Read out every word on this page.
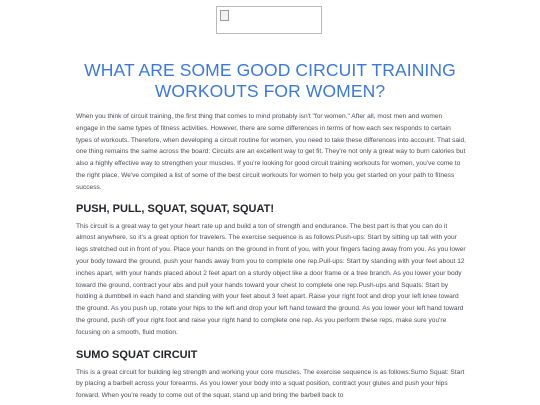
WHAT ARE SOME GOOD CIRCUIT TRAINING WORKOUTS FOR WOMEN?

When you think of circuit training, the first thing that comes to mind probably isn't "for women." After all, most men and women engage in the same types of fitness activities. However, there are some differences in terms of how each sex responds to certain types of workouts. Therefore, when developing a circuit routine for women, you need to take these differences into account. That said, one thing remains the same across the board: Circuits are an excellent way to get fit. They're not only a great way to burn calories but also a highly effective way to strengthen your muscles. If you're looking for good circuit training workouts for women, you've come to the right place. We've compiled a list of some of the best circuit workouts for women to help you get started on your path to fitness success.

PUSH, PULL, SQUAT, SQUAT, SQUAT!

This circuit is a great way to get your heart rate up and build a ton of strength and endurance. The best part is that you can do it almost anywhere, so it's a great option for travelers. The exercise sequence is as follows:Push-ups: Start by sitting up tall with your legs stretched out in front of you. Place your hands on the ground in front of you, with your fingers facing away from you. As you lower your body toward the ground, push your hands away from you to complete one rep.Pull-ups: Start by standing with your feet about 12 inches apart, with your hands placed about 2 feet apart on a sturdy object like a door frame or a tree branch. As you lower your body toward the ground, contract your abs and pull your hands toward your chest to complete one rep.Push-ups and Squats: Start by holding a dumbbell in each hand and standing with your feet about 3 feet apart. Raise your right foot and drop your left knee toward the ground. As you push up, rotate your hips to the left and drop your left hand toward the ground. As you lower your left hand toward the ground, push off your right foot and raise your right hand to complete one rep. As you perform these reps, make sure you're focusing on a smooth, fluid motion.

SUMO SQUAT CIRCUIT

This is a great circuit for building leg strength and working your core muscles. The exercise sequence is as follows:Sumo Squat: Start by placing a barbell across your forearms. As you lower your body into a squat position, contract your glutes and push your hips forward. When you're ready to come out of the squat, stand up and bring the barbell back to
